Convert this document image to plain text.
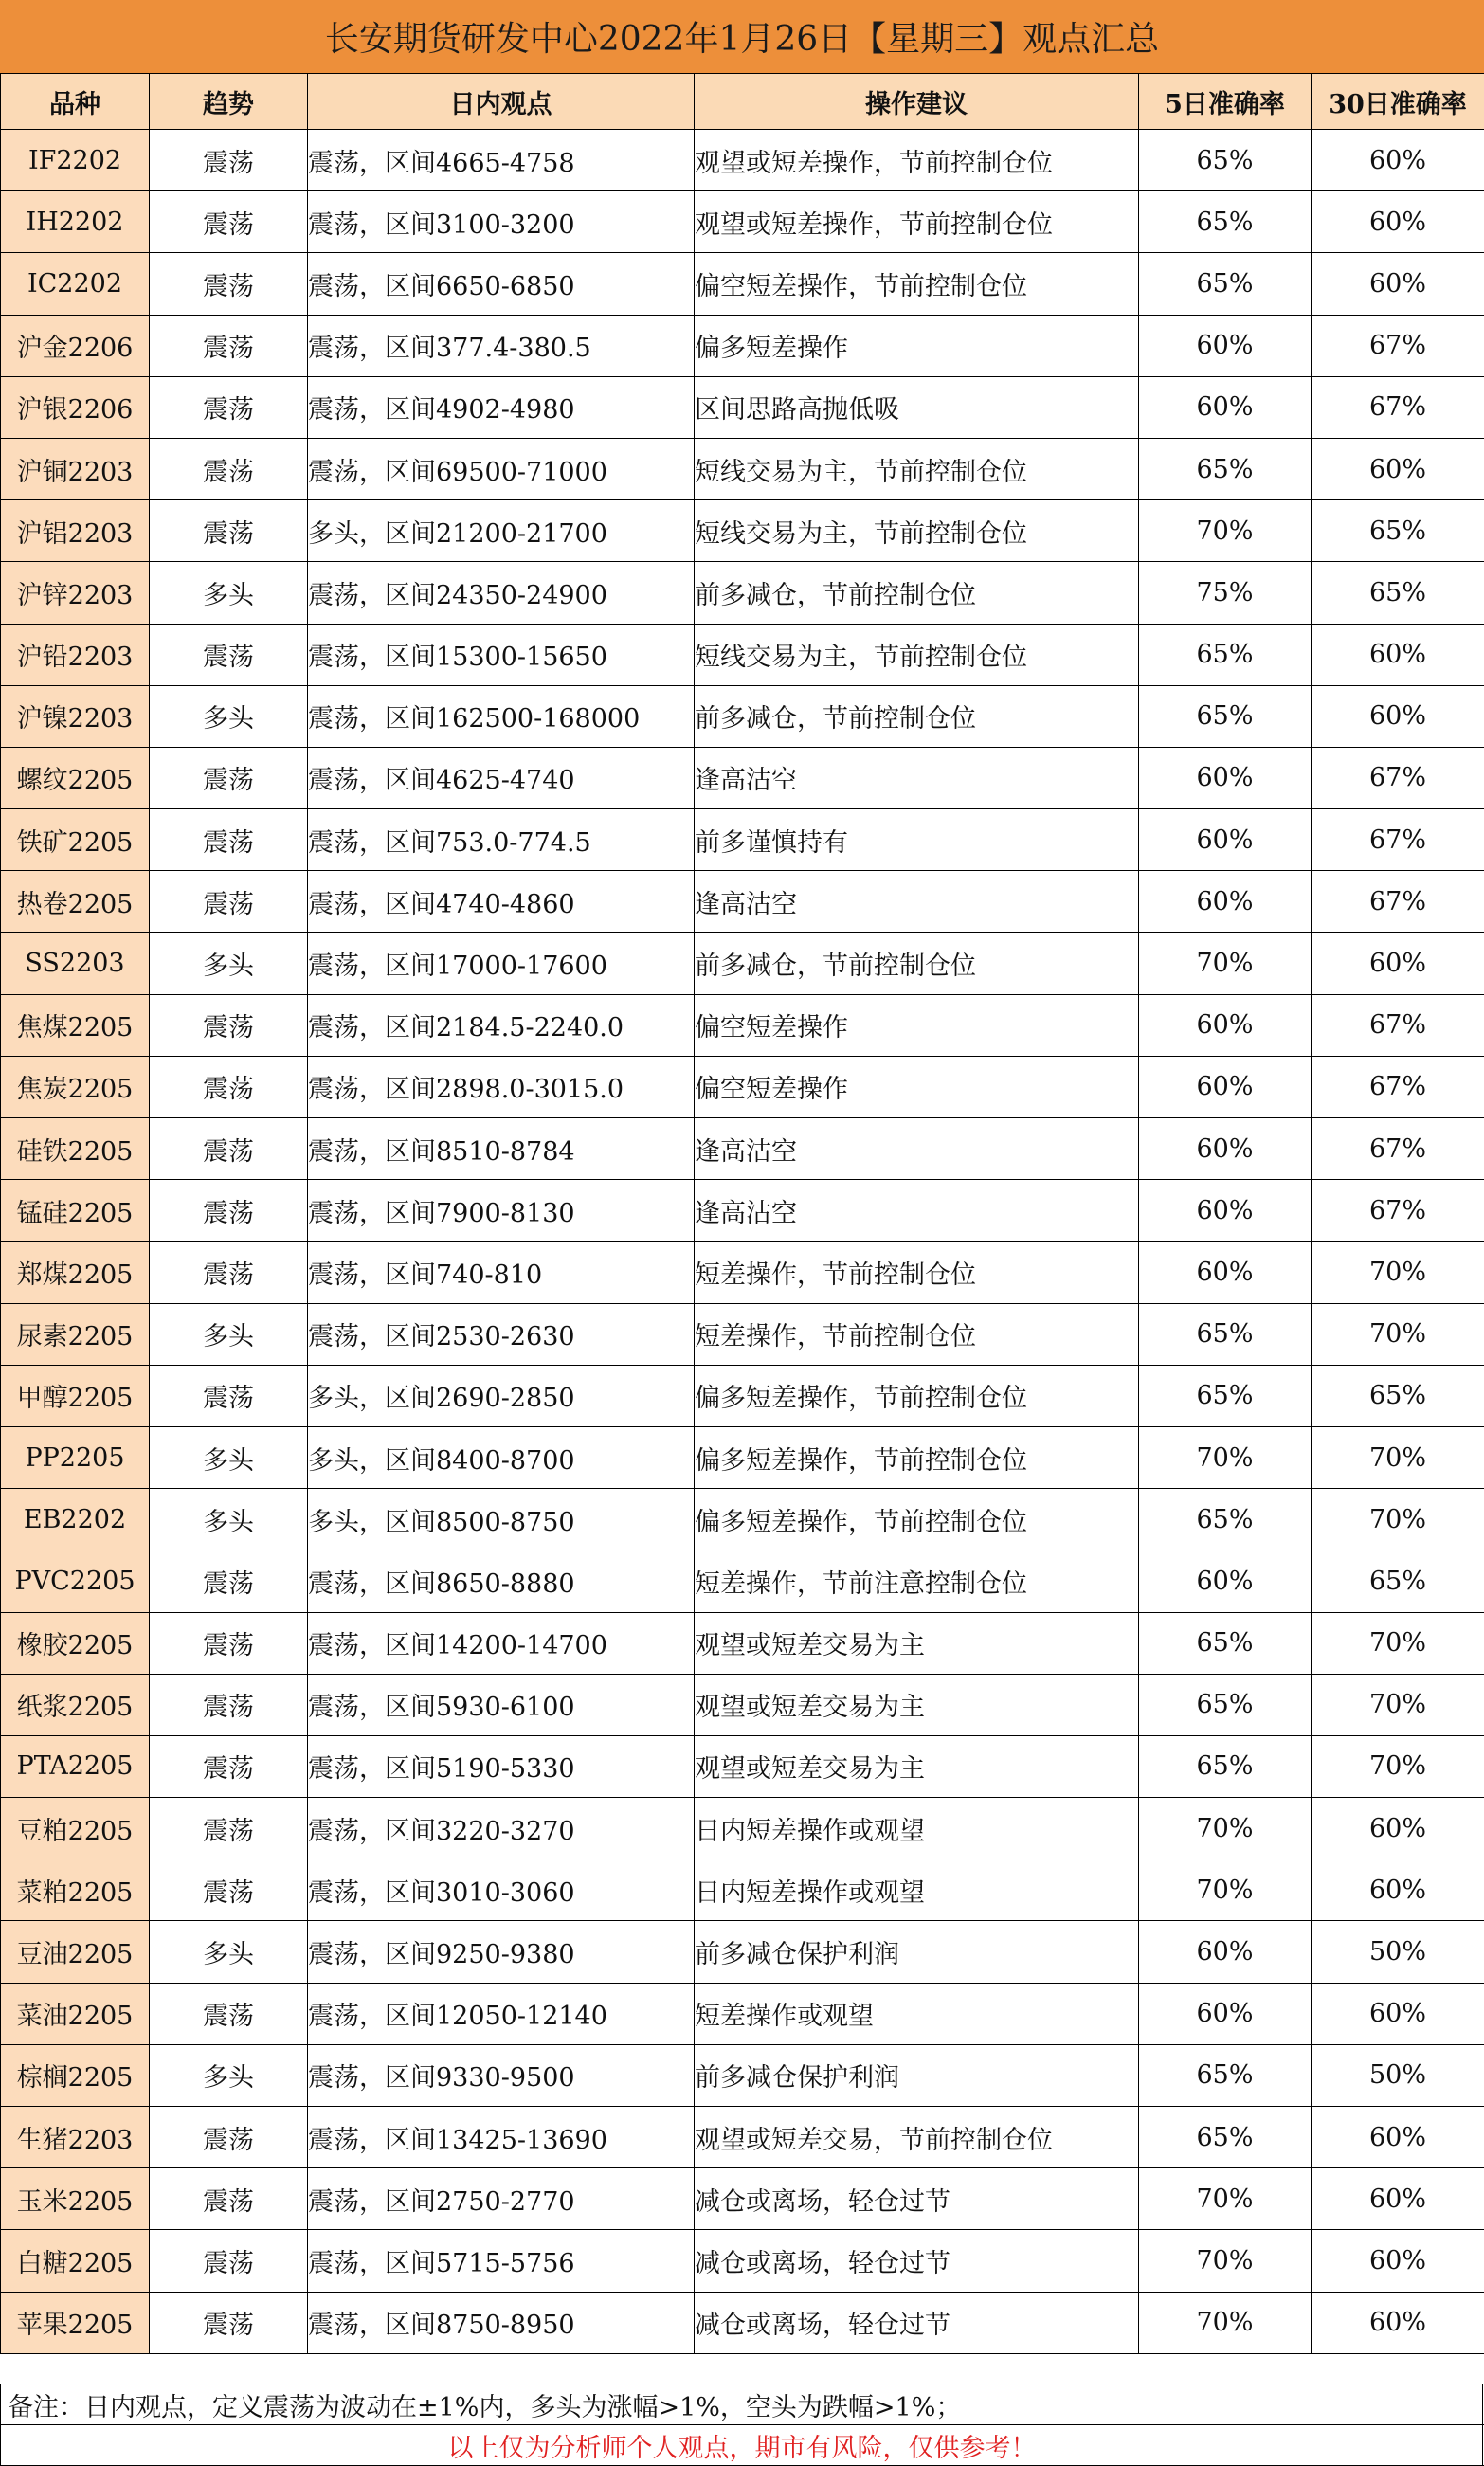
长安期货研发中心2022年1月26日【星期三】观点汇总
品种	趋势	日内观点	操作建议	5日准确率	30日准确率
IF2202	震荡	震荡，区间4665-4758	观望或短差操作，节前控制仓位	65%	60%
IH2202	震荡	震荡，区间3100-3200	观望或短差操作，节前控制仓位	65%	60%
IC2202	震荡	震荡，区间6650-6850	偏空短差操作，节前控制仓位	65%	60%
沪金2206	震荡	震荡，区间377.4-380.5	偏多短差操作	60%	67%
沪银2206	震荡	震荡，区间4902-4980	区间思路高抛低吸	60%	67%
沪铜2203	震荡	震荡，区间69500-71000	短线交易为主，节前控制仓位	65%	60%
沪铝2203	震荡	多头，区间21200-21700	短线交易为主，节前控制仓位	70%	65%
沪锌2203	多头	震荡，区间24350-24900	前多减仓，节前控制仓位	75%	65%
沪铅2203	震荡	震荡，区间15300-15650	短线交易为主，节前控制仓位	65%	60%
沪镍2203	多头	震荡，区间162500-168000	前多减仓，节前控制仓位	65%	60%
螺纹2205	震荡	震荡，区间4625-4740	逢高沽空	60%	67%
铁矿2205	震荡	震荡，区间753.0-774.5	前多谨慎持有	60%	67%
热卷2205	震荡	震荡，区间4740-4860	逢高沽空	60%	67%
SS2203	多头	震荡，区间17000-17600	前多减仓，节前控制仓位	70%	60%
焦煤2205	震荡	震荡，区间2184.5-2240.0	偏空短差操作	60%	67%
焦炭2205	震荡	震荡，区间2898.0-3015.0	偏空短差操作	60%	67%
硅铁2205	震荡	震荡，区间8510-8784	逢高沽空	60%	67%
锰硅2205	震荡	震荡，区间7900-8130	逢高沽空	60%	67%
郑煤2205	震荡	震荡，区间740-810	短差操作，节前控制仓位	60%	70%
尿素2205	多头	震荡，区间2530-2630	短差操作，节前控制仓位	65%	70%
甲醇2205	震荡	多头，区间2690-2850	偏多短差操作，节前控制仓位	65%	65%
PP2205	多头	多头，区间8400-8700	偏多短差操作，节前控制仓位	70%	70%
EB2202	多头	多头，区间8500-8750	偏多短差操作，节前控制仓位	65%	70%
PVC2205	震荡	震荡，区间8650-8880	短差操作，节前注意控制仓位	60%	65%
橡胶2205	震荡	震荡，区间14200-14700	观望或短差交易为主	65%	70%
纸浆2205	震荡	震荡，区间5930-6100	观望或短差交易为主	65%	70%
PTA2205	震荡	震荡，区间5190-5330	观望或短差交易为主	65%	70%
豆粕2205	震荡	震荡，区间3220-3270	日内短差操作或观望	70%	60%
菜粕2205	震荡	震荡，区间3010-3060	日内短差操作或观望	70%	60%
豆油2205	多头	震荡，区间9250-9380	前多减仓保护利润	60%	50%
菜油2205	震荡	震荡，区间12050-12140	短差操作或观望	60%	60%
棕榈2205	多头	震荡，区间9330-9500	前多减仓保护利润	65%	50%
生猪2203	震荡	震荡，区间13425-13690	观望或短差交易，节前控制仓位	65%	60%
玉米2205	震荡	震荡，区间2750-2770	减仓或离场，轻仓过节	70%	60%
白糖2205	震荡	震荡，区间5715-5756	减仓或离场，轻仓过节	70%	60%
苹果2205	震荡	震荡，区间8750-8950	减仓或离场，轻仓过节	70%	60%
备注：日内观点，定义震荡为波动在±1%内，多头为涨幅>1%，空头为跌幅>1%；
以上仅为分析师个人观点，期市有风险，仅供参考！
